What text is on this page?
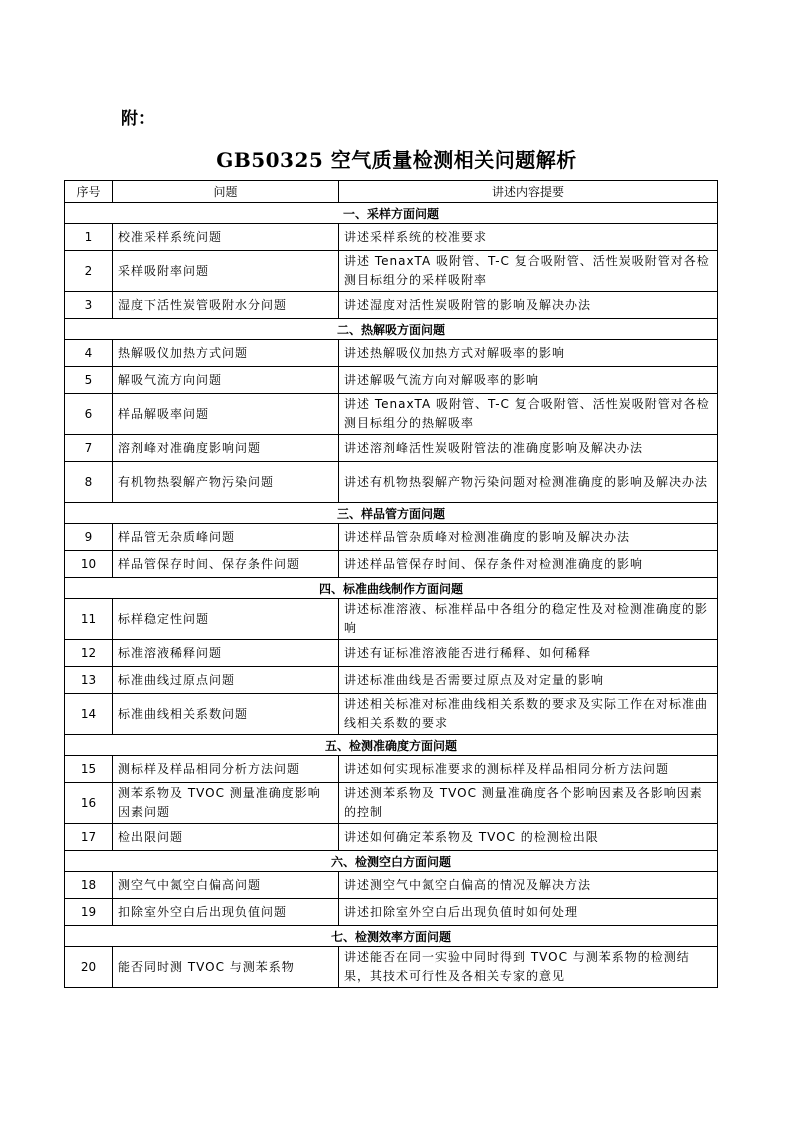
附：
GB50325 空气质量检测相关问题解析
序号	问题	讲述内容提要
一、采样方面问题		
1	校准采样系统问题	讲述采样系统的校准要求
2	采样吸附率问题	讲述 TenaxTA 吸附管、T-C 复合吸附管、活性炭吸附管对各检测目标组分的采样吸附率
3	湿度下活性炭管吸附水分问题	讲述湿度对活性炭吸附管的影响及解决办法
二、热解吸方面问题		
4	热解吸仪加热方式问题	讲述热解吸仪加热方式对解吸率的影响
5	解吸气流方向问题	讲述解吸气流方向对解吸率的影响
6	样品解吸率问题	讲述 TenaxTA 吸附管、T-C 复合吸附管、活性炭吸附管对各检测目标组分的热解吸率
7	溶剂峰对准确度影响问题	讲述溶剂峰活性炭吸附管法的准确度影响及解决办法
8	有机物热裂解产物污染问题	讲述有机物热裂解产物污染问题对检测准确度的影响及解决办法
三、样品管方面问题		
9	样品管无杂质峰问题	讲述样品管杂质峰对检测准确度的影响及解决办法
10	样品管保存时间、保存条件问题	讲述样品管保存时间、保存条件对检测准确度的影响
四、标准曲线制作方面问题		
11	标样稳定性问题	讲述标准溶液、标准样品中各组分的稳定性及对检测准确度的影响
12	标准溶液稀释问题	讲述有证标准溶液能否进行稀释、如何稀释
13	标准曲线过原点问题	讲述标准曲线是否需要过原点及对定量的影响
14	标准曲线相关系数问题	讲述相关标准对标准曲线相关系数的要求及实际工作在对标准曲线相关系数的要求
五、检测准确度方面问题		
15	测标样及样品相同分析方法问题	讲述如何实现标准要求的测标样及样品相同分析方法问题
16	测苯系物及 TVOC 测量准确度影响因素问题	讲述测苯系物及 TVOC 测量准确度各个影响因素及各影响因素的控制
17	检出限问题	讲述如何确定苯系物及 TVOC 的检测检出限
六、检测空白方面问题		
18	测空气中氮空白偏高问题	讲述测空气中氮空白偏高的情况及解决方法
19	扣除室外空白后出现负值问题	讲述扣除室外空白后出现负值时如何处理
七、检测效率方面问题		
20	能否同时测 TVOC 与测苯系物	讲述能否在同一实验中同时得到 TVOC 与测苯系物的检测结果，其技术可行性及各相关专家的意见
